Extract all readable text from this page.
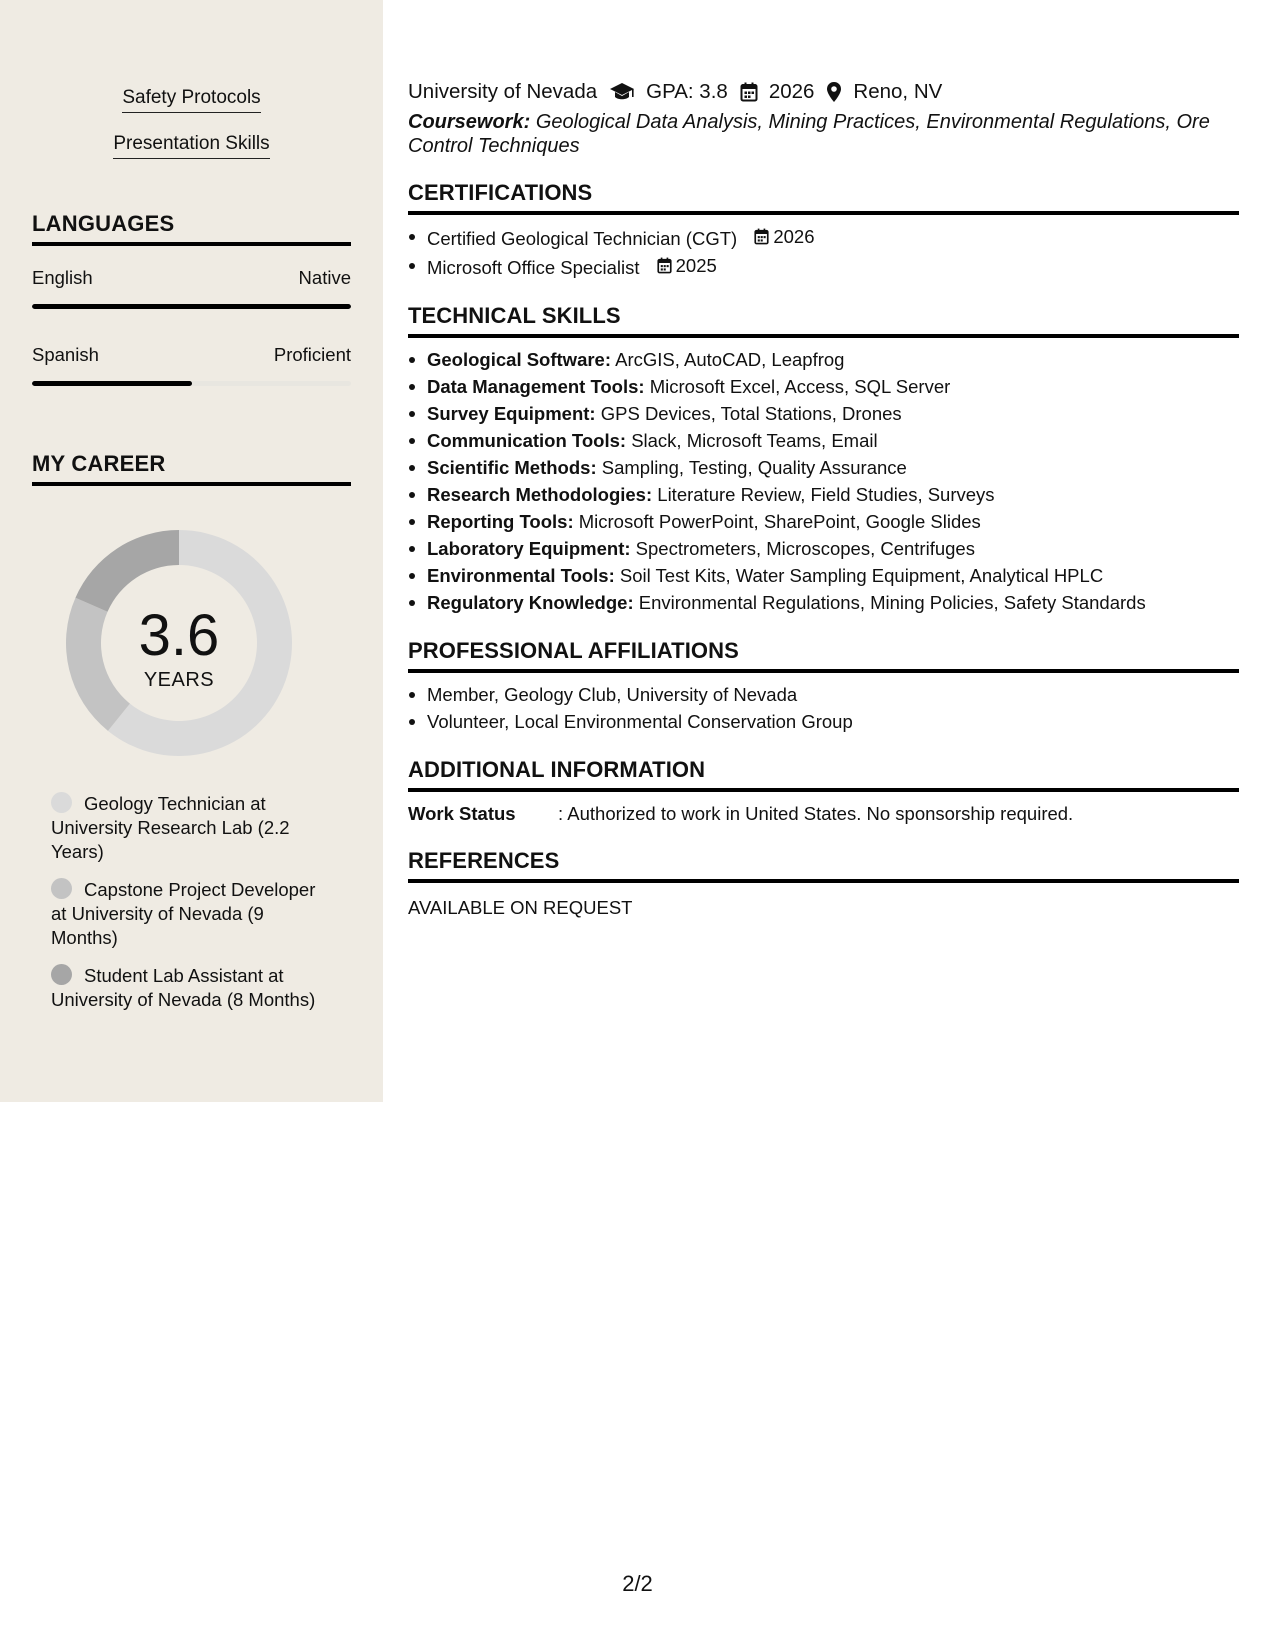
Safety Protocols
Presentation Skills
LANGUAGES
English	Native
Spanish	Proficient
MY CAREER
3.6
YEARS
Geology Technician at University Research Lab (2.2 Years)
Capstone Project Developer at University of Nevada (9 Months)
Student Lab Assistant at University of Nevada (8 Months)
University of Nevada GPA: 3.8 2026 Reno, NV
Coursework: Geological Data Analysis, Mining Practices, Environmental Regulations, Ore Control Techniques
CERTIFICATIONS
Certified Geological Technician (CGT) 2026
Microsoft Office Specialist 2025
TECHNICAL SKILLS
Geological Software: ArcGIS, AutoCAD, Leapfrog
Data Management Tools: Microsoft Excel, Access, SQL Server
Survey Equipment: GPS Devices, Total Stations, Drones
Communication Tools: Slack, Microsoft Teams, Email
Scientific Methods: Sampling, Testing, Quality Assurance
Research Methodologies: Literature Review, Field Studies, Surveys
Reporting Tools: Microsoft PowerPoint, SharePoint, Google Slides
Laboratory Equipment: Spectrometers, Microscopes, Centrifuges
Environmental Tools: Soil Test Kits, Water Sampling Equipment, Analytical HPLC
Regulatory Knowledge: Environmental Regulations, Mining Policies, Safety Standards
PROFESSIONAL AFFILIATIONS
Member, Geology Club, University of Nevada
Volunteer, Local Environmental Conservation Group
ADDITIONAL INFORMATION
Work Status	: Authorized to work in United States. No sponsorship required.
REFERENCES
AVAILABLE ON REQUEST
2/2
